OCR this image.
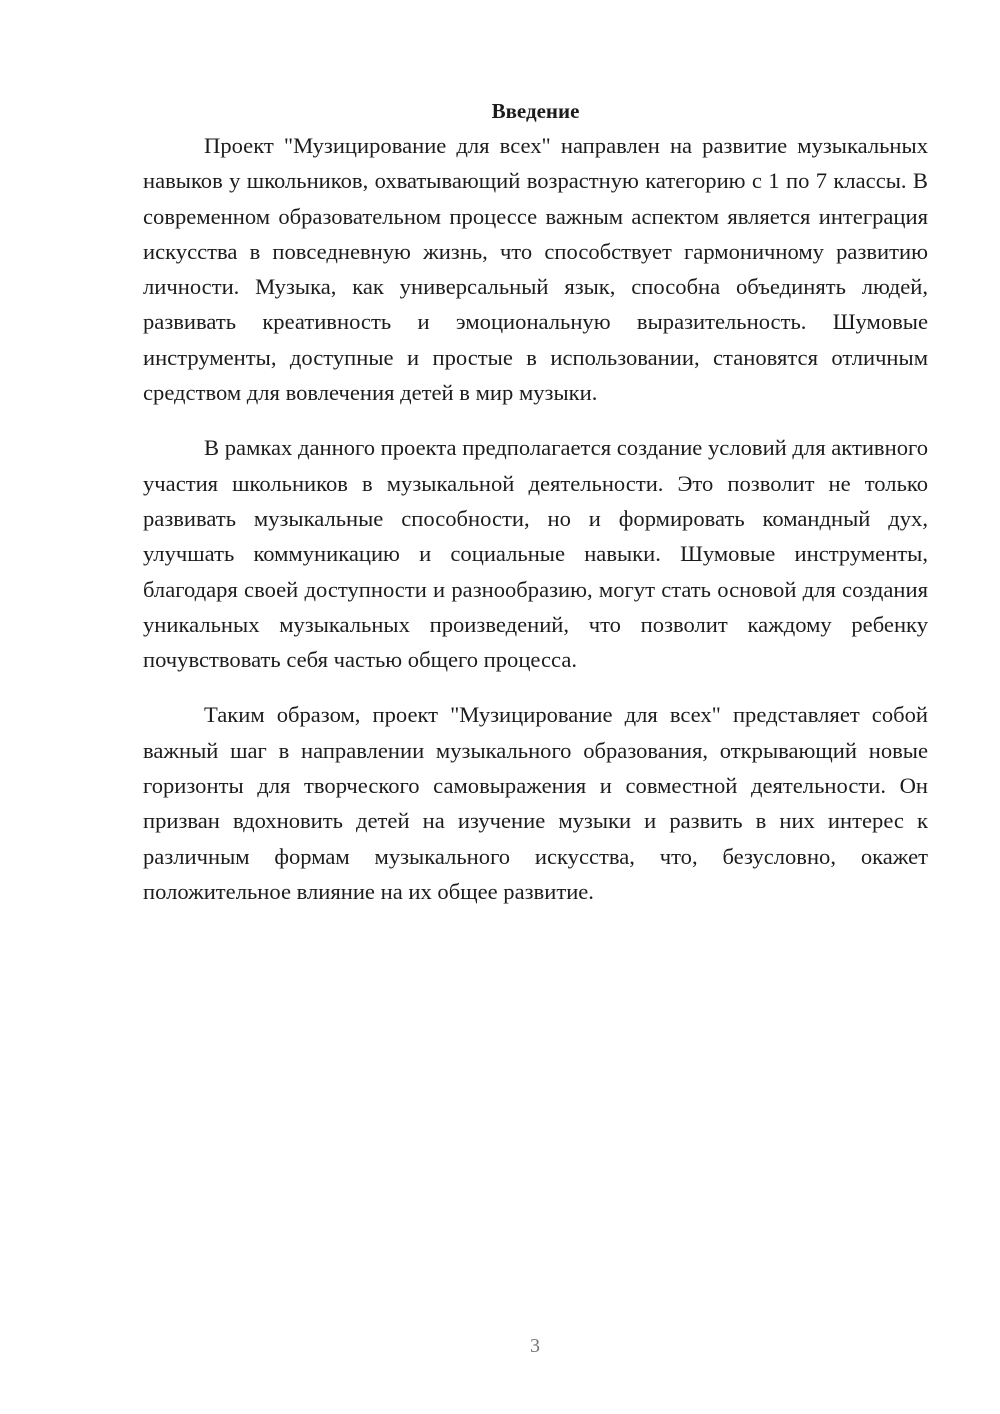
Введение

Проект "Музицирование для всех" направлен на развитие музыкальных навыков у школьников, охватывающий возрастную категорию с 1 по 7 классы. В современном образовательном процессе важным аспектом является интеграция искусства в повседневную жизнь, что способствует гармоничному развитию личности. Музыка, как универсальный язык, способна объединять людей, развивать креативность и эмоциональную выразительность. Шумовые инструменты, доступные и простые в использовании, становятся отличным средством для вовлечения детей в мир музыки.

В рамках данного проекта предполагается создание условий для активного участия школьников в музыкальной деятельности. Это позволит не только развивать музыкальные способности, но и формировать командный дух, улучшать коммуникацию и социальные навыки. Шумовые инструменты, благодаря своей доступности и разнообразию, могут стать основой для создания уникальных музыкальных произведений, что позволит каждому ребенку почувствовать себя частью общего процесса.

Таким образом, проект "Музицирование для всех" представляет собой важный шаг в направлении музыкального образования, открывающий новые горизонты для творческого самовыражения и совместной деятельности. Он призван вдохновить детей на изучение музыки и развить в них интерес к различным формам музыкального искусства, что, безусловно, окажет положительное влияние на их общее развитие.

3
